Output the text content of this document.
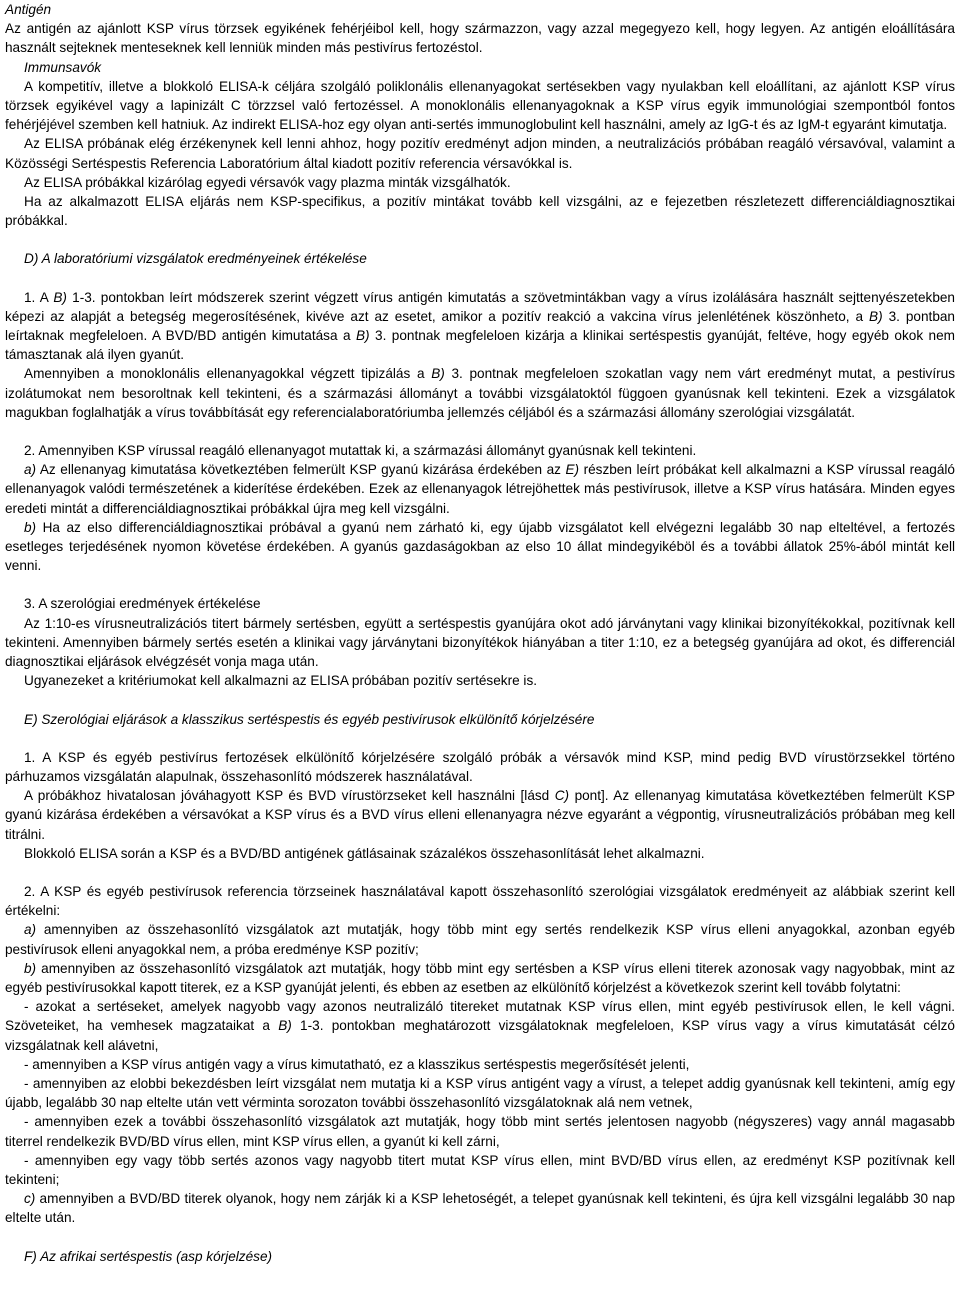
Antigén

Az antigén az ajánlott KSP vírus törzsek egyikének fehérjéibol kell, hogy származzon, vagy azzal megegyezo kell, hogy legyen. Az antigén eloállítására használt sejteknek menteseknek kell lenniük minden más pestivírus fertozéstol.

Immunsavók

A kompetitív, illetve a blokkoló ELISA-k céljára szolgáló poliklonális ellenanyagokat sertésekben vagy nyulakban kell eloállítani, az ajánlott KSP vírus törzsek egyikével vagy a lapinizált C törzzsel való fertozéssel. A monoklonális ellenanyagoknak a KSP vírus egyik immunológiai szempontból fontos fehérjéjével szemben kell hatniuk. Az indirekt ELISA-hoz egy olyan anti-sertés immunoglobulint kell használni, amely az IgG-t és az IgM-t egyaránt kimutatja.

Az ELISA próbának elég érzékenynek kell lenni ahhoz, hogy pozitív eredményt adjon minden, a neutralizációs próbában reagáló vérsavóval, valamint a Közösségi Sertéspestis Referencia Laboratórium által kiadott pozitív referencia vérsavókkal is.

Az ELISA próbákkal kizárólag egyedi vérsavók vagy plazma minták vizsgálhatók.

Ha az alkalmazott ELISA eljárás nem KSP-specifikus, a pozitív mintákat tovább kell vizsgálni, az e fejezetben részletezett differenciáldiagnosztikai próbákkal.

D) A laboratóriumi vizsgálatok eredményeinek értékelése

1. A B) 1-3. pontokban leírt módszerek szerint végzett vírus antigén kimutatás a szövetmintákban vagy a vírus izolálására használt sejttenyészetekben képezi az alapját a betegség megerosítésének, kivéve azt az esetet, amikor a pozitív reakció a vakcina vírus jelenlétének köszönheto, a B) 3. pontban leírtaknak megfeleloen. A BVD/BD antigén kimutatása a B) 3. pontnak megfeleloen kizárja a klinikai sertéspestis gyanúját, feltéve, hogy egyéb okok nem támasztanak alá ilyen gyanút.

Amennyiben a monoklonális ellenanyagokkal végzett tipizálás a B) 3. pontnak megfeleloen szokatlan vagy nem várt eredményt mutat, a pestivírus izolátumokat nem besoroltnak kell tekinteni, és a származási állományt a további vizsgálatoktól függoen gyanúsnak kell tekinteni. Ezek a vizsgálatok magukban foglalhatják a vírus továbbítását egy referencialaboratóriumba jellemzés céljából és a származási állomány szerológiai vizsgálatát.

2. Amennyiben KSP vírussal reagáló ellenanyagot mutattak ki, a származási állományt gyanúsnak kell tekinteni.

a) Az ellenanyag kimutatása következtében felmerült KSP gyanú kizárása érdekében az E) részben leírt próbákat kell alkalmazni a KSP vírussal reagáló ellenanyagok valódi természetének a kiderítése érdekében. Ezek az ellenanyagok létrejöhettek más pestivírusok, illetve a KSP vírus hatására. Minden egyes eredeti mintát a differenciáldiagnosztikai próbákkal újra meg kell vizsgálni.

b) Ha az elso differenciáldiagnosztikai próbával a gyanú nem zárható ki, egy újabb vizsgálatot kell elvégezni legalább 30 nap elteltével, a fertozés esetleges terjedésének nyomon követése érdekében. A gyanús gazdaságokban az elso 10 állat mindegyikéböl és a további állatok 25%-ából mintát kell venni.

3. A szerológiai eredmények értékelése

Az 1:10-es vírusneutralizációs titert bármely sertésben, együtt a sertéspestis gyanújára okot adó járványtani vagy klinikai bizonyítékokkal, pozitívnak kell tekinteni. Amennyiben bármely sertés esetén a klinikai vagy járványtani bizonyítékok hiányában a titer 1:10, ez a betegség gyanújára ad okot, és differenciál diagnosztikai eljárások elvégzését vonja maga után.

Ugyanezeket a kritériumokat kell alkalmazni az ELISA próbában pozitív sertésekre is.

E) Szerológiai eljárások a klasszikus sertéspestis és egyéb pestivírusok elkülönítő kórjelzésére

1. A KSP és egyéb pestivírus fertozések elkülönítő kórjelzésére szolgáló próbák a vérsavók mind KSP, mind pedig BVD vírustörzsekkel történo párhuzamos vizsgálatán alapulnak, összehasonlító módszerek használatával.

A próbákhoz hivatalosan jóváhagyott KSP és BVD vírustörzseket kell használni [lásd C) pont]. Az ellenanyag kimutatása következtében felmerült KSP gyanú kizárása érdekében a vérsavókat a KSP vírus és a BVD vírus elleni ellenanyagra nézve egyaránt a végpontig, vírusneutralizációs próbában meg kell titrálni.

Blokkoló ELISA során a KSP és a BVD/BD antigének gátlásainak százalékos összehasonlítását lehet alkalmazni.

2. A KSP és egyéb pestivírusok referencia törzseinek használatával kapott összehasonlító szerológiai vizsgálatok eredményeit az alábbiak szerint kell értékelni:

a) amennyiben az összehasonlító vizsgálatok azt mutatják, hogy több mint egy sertés rendelkezik KSP vírus elleni anyagokkal, azonban egyéb pestivírusok elleni anyagokkal nem, a próba eredménye KSP pozitív;

b) amennyiben az összehasonlító vizsgálatok azt mutatják, hogy több mint egy sertésben a KSP vírus elleni titerek azonosak vagy nagyobbak, mint az egyéb pestivírusokkal kapott titerek, ez a KSP gyanúját jelenti, és ebben az esetben az elkülönítő kórjelzést a következok szerint kell tovább folytatni:

- azokat a sertéseket, amelyek nagyobb vagy azonos neutralizáló titereket mutatnak KSP vírus ellen, mint egyéb pestivírusok ellen, le kell vágni. Szöveteiket, ha vemhesek magzataikat a B) 1-3. pontokban meghatározott vizsgálatoknak megfeleloen, KSP vírus vagy a vírus kimutatását célzó vizsgálatnak kell alávetni,

- amennyiben a KSP vírus antigén vagy a vírus kimutatható, ez a klasszikus sertéspestis megerősítését jelenti,

- amennyiben az elobbi bekezdésben leírt vizsgálat nem mutatja ki a KSP vírus antigént vagy a vírust, a telepet addig gyanúsnak kell tekinteni, amíg egy újabb, legalább 30 nap eltelte után vett vérminta sorozaton további összehasonlító vizsgálatoknak alá nem vetnek,

- amennyiben ezek a további összehasonlító vizsgálatok azt mutatják, hogy több mint sertés jelentosen nagyobb (négyszeres) vagy annál magasabb titerrel rendelkezik BVD/BD vírus ellen, mint KSP vírus ellen, a gyanút ki kell zárni,

- amennyiben egy vagy több sertés azonos vagy nagyobb titert mutat KSP vírus ellen, mint BVD/BD vírus ellen, az eredményt KSP pozitívnak kell tekinteni;

c) amennyiben a BVD/BD titerek olyanok, hogy nem zárják ki a KSP lehetoségét, a telepet gyanúsnak kell tekinteni, és újra kell vizsgálni legalább 30 nap eltelte után.

F) Az afrikai sertéspestis (asp kórjelzése)
